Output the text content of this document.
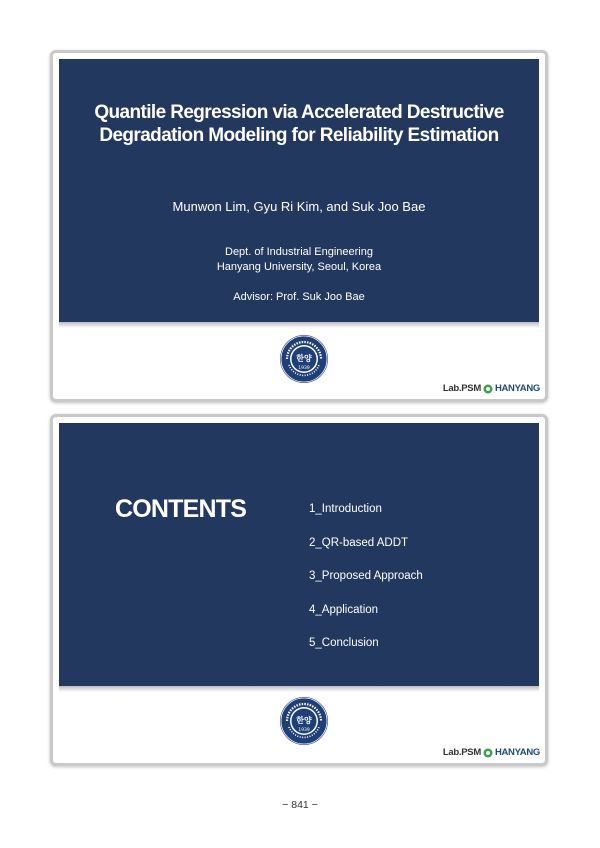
Quantile Regression via Accelerated Destructive
Degradation Modeling for Reliability Estimation
Munwon Lim, Gyu Ri Kim, and Suk Joo Bae
Dept. of Industrial Engineering
Hanyang University, Seoul, Korea
Advisor: Prof. Suk Joo Bae
한양
1939
Lab.PSM HANYANG
CONTENTS	1_Introduction
2_QR-based ADDT
3_Proposed Approach
4_Application
5_Conclusion
한양
1939
Lab.PSM HANYANG
− 841 −
